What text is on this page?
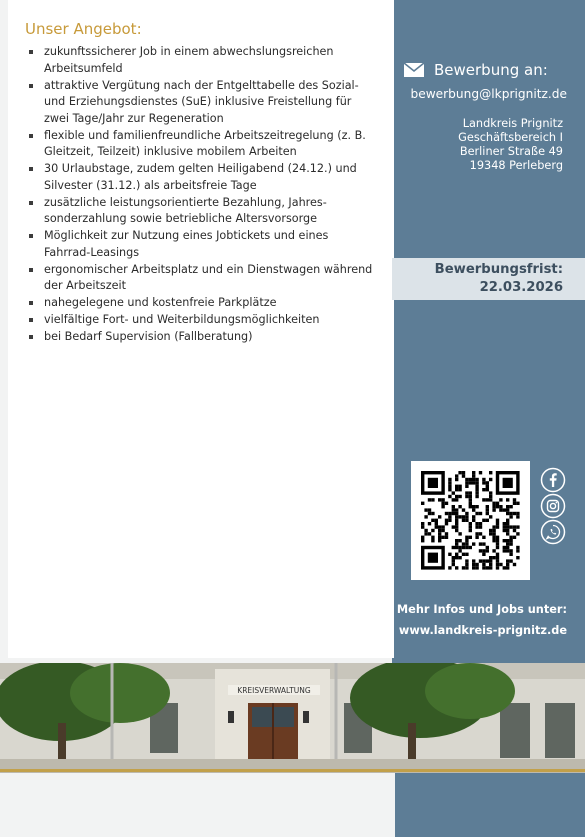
Unser Angebot:
zukunftssicherer Job in einem abwechslungsreichen Arbeitsumfeld
attraktive Vergütung nach der Entgelttabelle des Sozial- und Erziehungsdienstes (SuE) inklusive Freistellung für zwei Tage/Jahr zur Regeneration
flexible und familienfreundliche Arbeitszeitregelung (z. B. Gleitzeit, Teilzeit) inklusive mobilem Arbeiten
30 Urlaubstage, zudem gelten Heiligabend (24.12.) und Silvester (31.12.) als arbeitsfreie Tage
zusätzliche leistungsorientierte Bezahlung, Jahres-sonderzahlung sowie betriebliche Altersvorsorge
Möglichkeit zur Nutzung eines Jobtickets und eines Fahrrad-Leasings
ergonomischer Arbeitsplatz und ein Dienstwagen während der Arbeitszeit
nahegelegene und kostenfreie Parkplätze
vielfältige Fort- und Weiterbildungsmöglichkeiten
bei Bedarf Supervision (Fallberatung)
Bewerbung an:
bewerbung@lkprignitz.de
Landkreis Prignitz
Geschäftsbereich I
Berliner Straße 49
19348 Perleberg
Bewerbungsfrist:
22.03.2026
Mehr Infos und Jobs unter:
www.landkreis-prignitz.de
KREISVERWALTUNG
